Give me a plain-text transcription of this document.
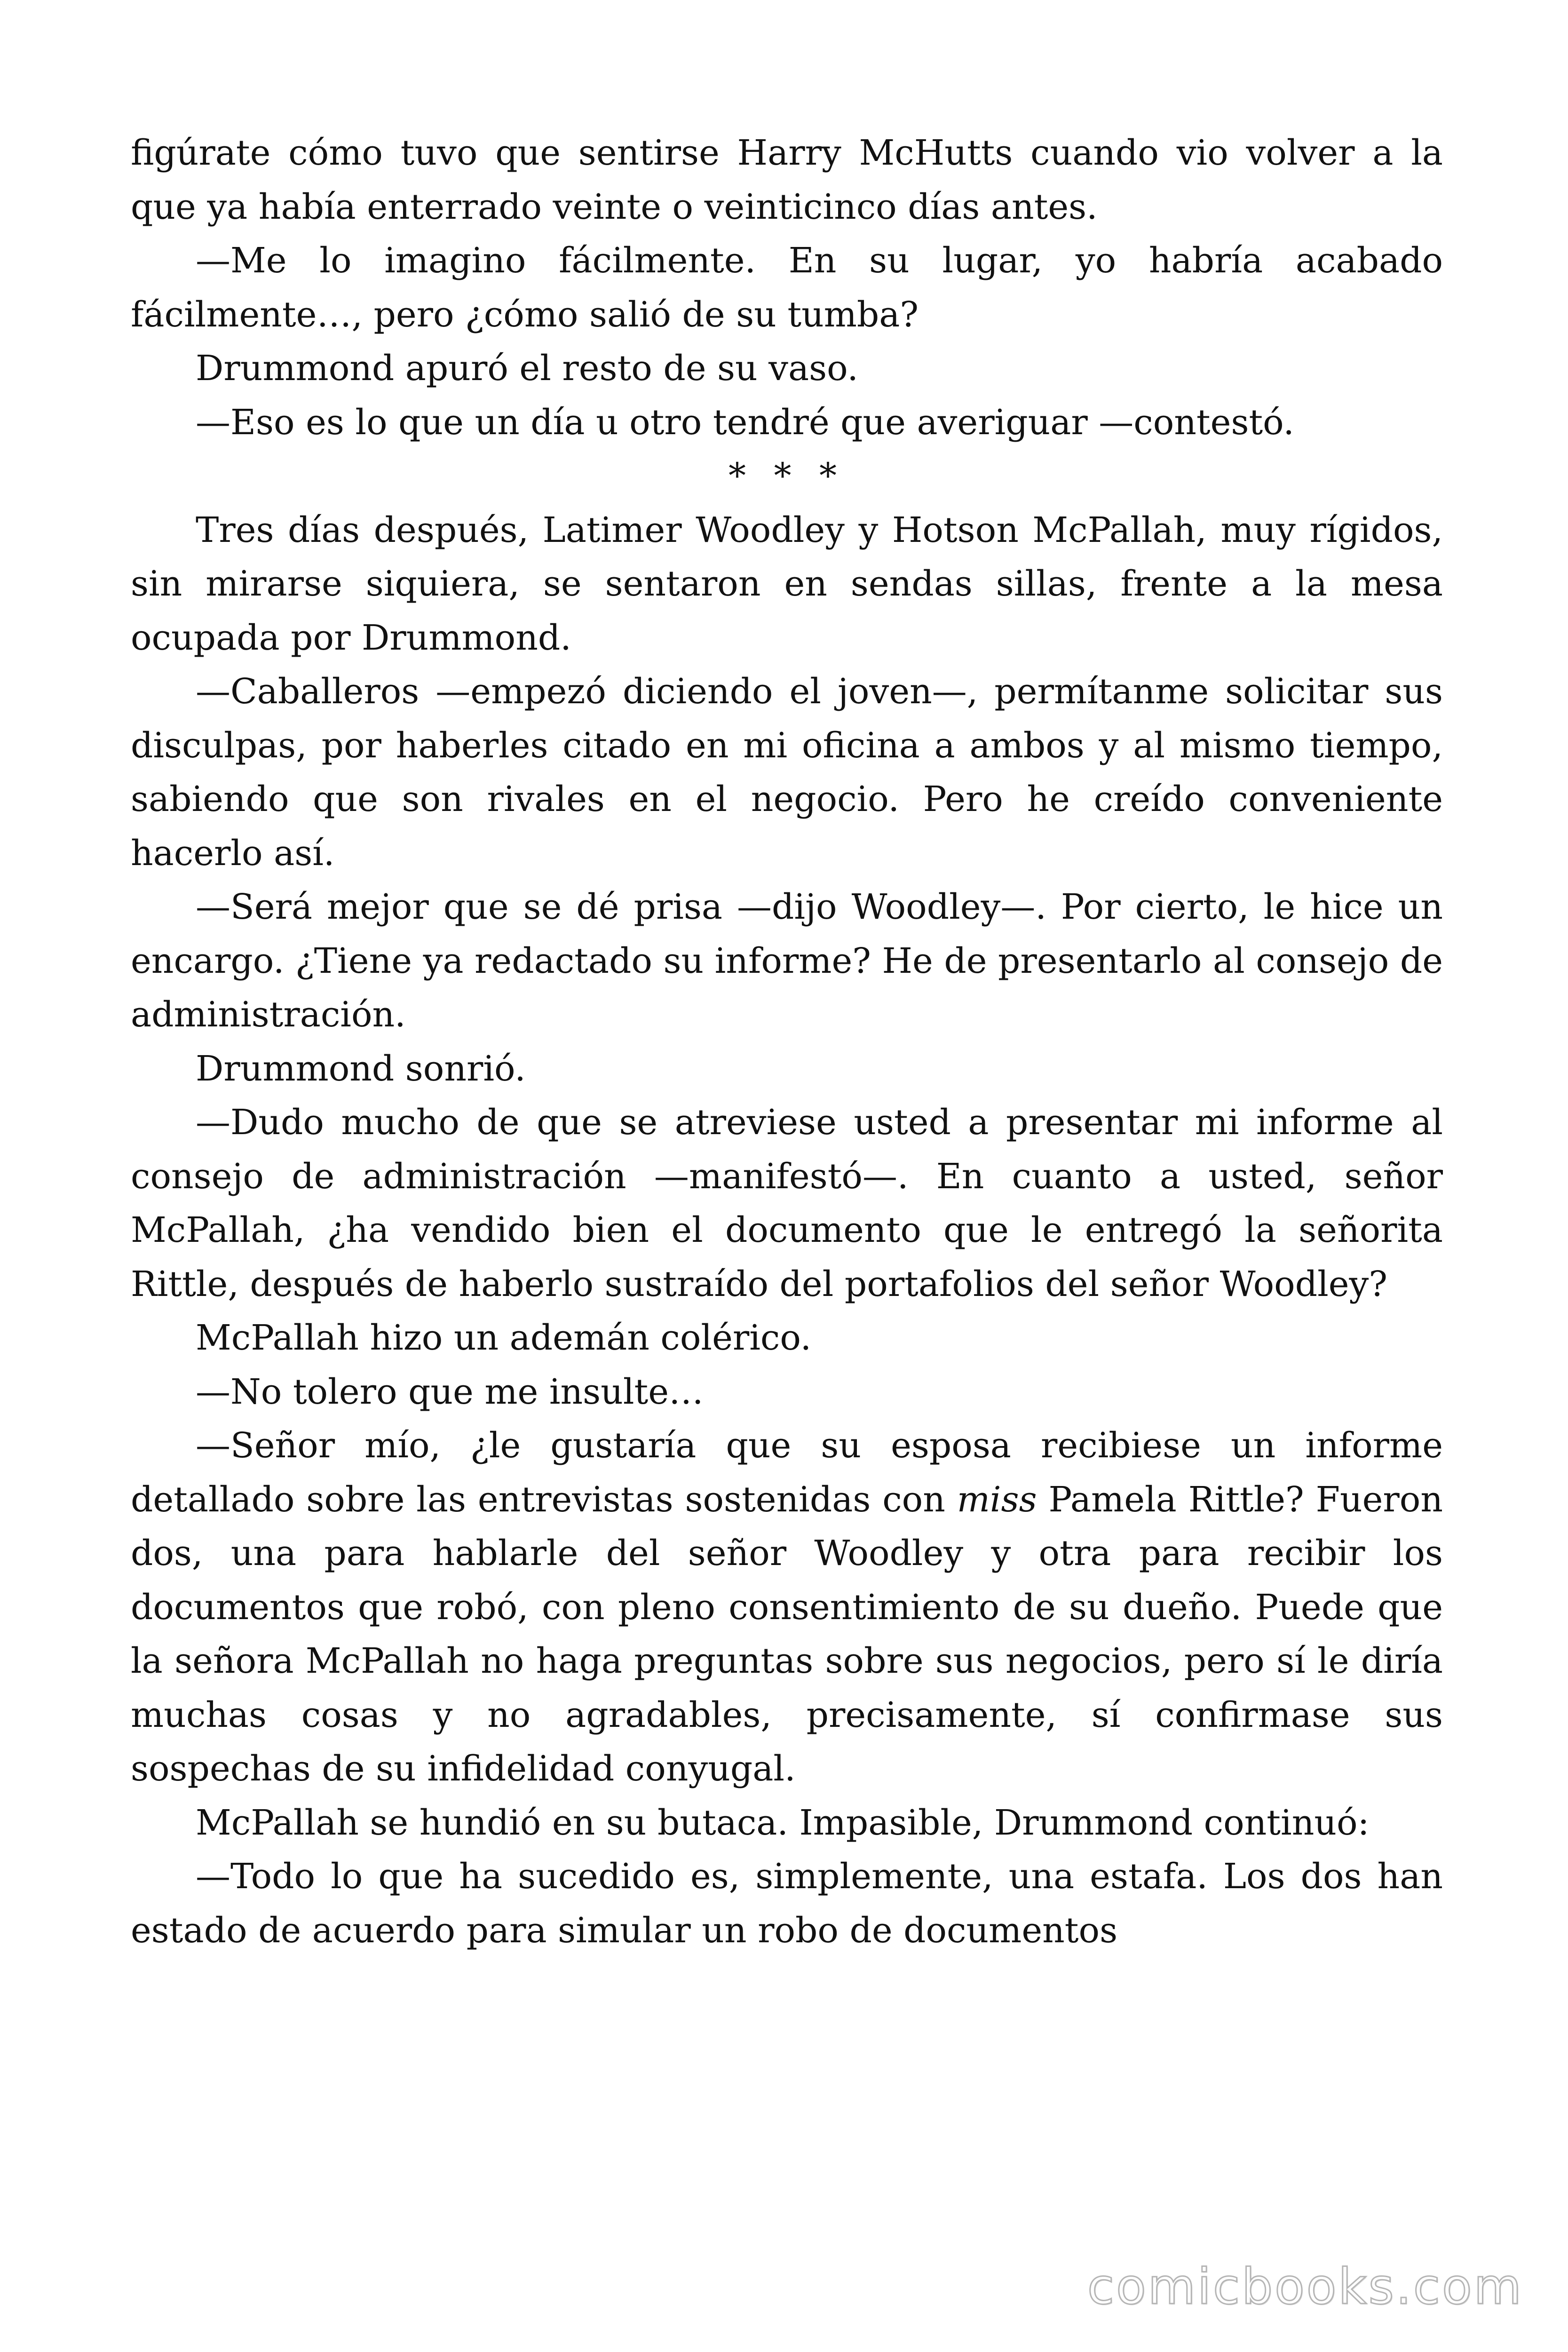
figúrate cómo tuvo que sentirse Harry McHutts cuando vio volver a la que ya había enterrado veinte o veinticinco días antes.

—Me lo imagino fácilmente. En su lugar, yo habría acabado fácilmente…, pero ¿cómo salió de su tumba?

Drummond apuró el resto de su vaso.

—Eso es lo que un día u otro tendré que averiguar —contestó.

* * *

Tres días después, Latimer Woodley y Hotson McPallah, muy rígidos, sin mirarse siquiera, se sentaron en sendas sillas, frente a la mesa ocupada por Drummond.

—Caballeros —empezó diciendo el joven—, permítanme solicitar sus disculpas, por haberles citado en mi oficina a ambos y al mismo tiempo, sabiendo que son rivales en el negocio. Pero he creído conveniente hacerlo así.

—Será mejor que se dé prisa —dijo Woodley—. Por cierto, le hice un encargo. ¿Tiene ya redactado su informe? He de presentarlo al consejo de administración.

Drummond sonrió.

—Dudo mucho de que se atreviese usted a presentar mi informe al consejo de administración —manifestó—. En cuanto a usted, señor McPallah, ¿ha vendido bien el documento que le entregó la señorita Rittle, después de haberlo sustraído del portafolios del señor Woodley?

McPallah hizo un ademán colérico.

—No tolero que me insulte…

—Señor mío, ¿le gustaría que su esposa recibiese un informe detallado sobre las entrevistas sostenidas con miss Pamela Rittle? Fueron dos, una para hablarle del señor Woodley y otra para recibir los documentos que robó, con pleno consentimiento de su dueño. Puede que la señora McPallah no haga preguntas sobre sus negocios, pero sí le diría muchas cosas y no agradables, precisamente, sí confirmase sus sospechas de su infidelidad conyugal.

McPallah se hundió en su butaca. Impasible, Drummond continuó:

—Todo lo que ha sucedido es, simplemente, una estafa. Los dos han estado de acuerdo para simular un robo de documentos

comicbooks.com
